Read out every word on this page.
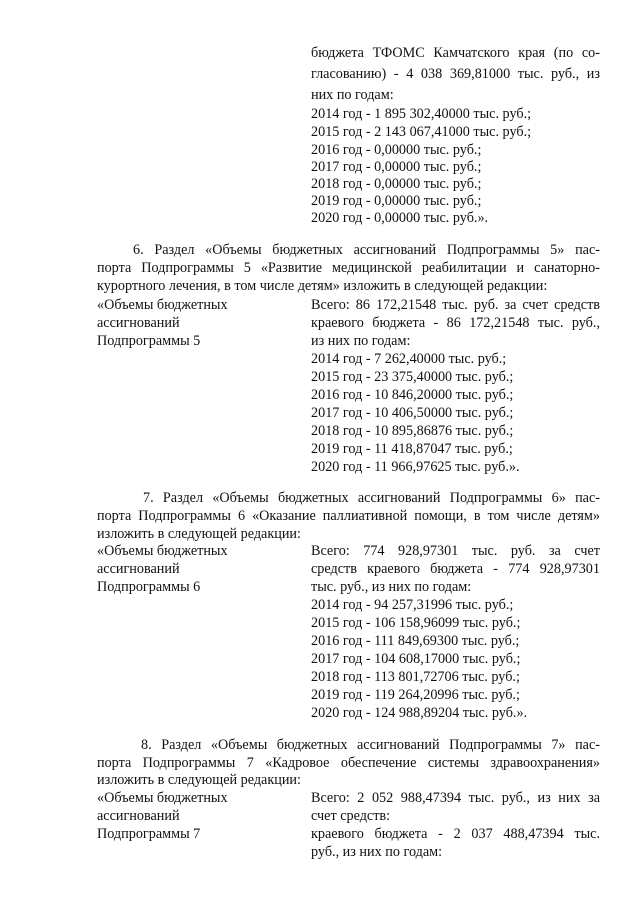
бюджета ТФОМС Камчатского края (по со-
гласованию) - 4 038 369,81000 тыс. руб., из
них по годам:
2014 год - 1 895 302,40000 тыс. руб.;
2015 год - 2 143 067,41000 тыс. руб.;
2016 год - 0,00000 тыс. руб.;
2017 год - 0,00000 тыс. руб.;
2018 год - 0,00000 тыс. руб.;
2019 год - 0,00000 тыс. руб.;
2020 год - 0,00000 тыс. руб.».
6. Раздел «Объемы бюджетных ассигнований Подпрограммы 5» пас-
порта Подпрограммы 5 «Развитие медицинской реабилитации и санаторно-
курортного лечения, в том числе детям» изложить в следующей редакции:
«Объемы бюджетных
ассигнований
Подпрограммы 5
Всего: 86 172,21548 тыс. руб. за счет средств
краевого бюджета - 86 172,21548 тыс. руб.,
из них по годам:
2014 год - 7 262,40000 тыс. руб.;
2015 год - 23 375,40000 тыс. руб.;
2016 год - 10 846,20000 тыс. руб.;
2017 год - 10 406,50000 тыс. руб.;
2018 год - 10 895,86876 тыс. руб.;
2019 год - 11 418,87047 тыс. руб.;
2020 год - 11 966,97625 тыс. руб.».
7. Раздел «Объемы бюджетных ассигнований Подпрограммы 6» пас-
порта Подпрограммы 6 «Оказание паллиативной помощи, в том числе детям»
изложить в следующей редакции:
«Объемы бюджетных
ассигнований
Подпрограммы 6
Всего: 774 928,97301 тыс. руб. за счет
средств краевого бюджета - 774 928,97301
тыс. руб., из них по годам:
2014 год - 94 257,31996 тыс. руб.;
2015 год - 106 158,96099 тыс. руб.;
2016 год - 111 849,69300 тыс. руб.;
2017 год - 104 608,17000 тыс. руб.;
2018 год - 113 801,72706 тыс. руб.;
2019 год - 119 264,20996 тыс. руб.;
2020 год - 124 988,89204 тыс. руб.».
8. Раздел «Объемы бюджетных ассигнований Подпрограммы 7» пас-
порта Подпрограммы 7 «Кадровое обеспечение системы здравоохранения»
изложить в следующей редакции:
«Объемы бюджетных
ассигнований
Подпрограммы 7
Всего: 2 052 988,47394 тыс. руб., из них за
счет средств:
краевого бюджета - 2 037 488,47394 тыс.
руб., из них по годам:
